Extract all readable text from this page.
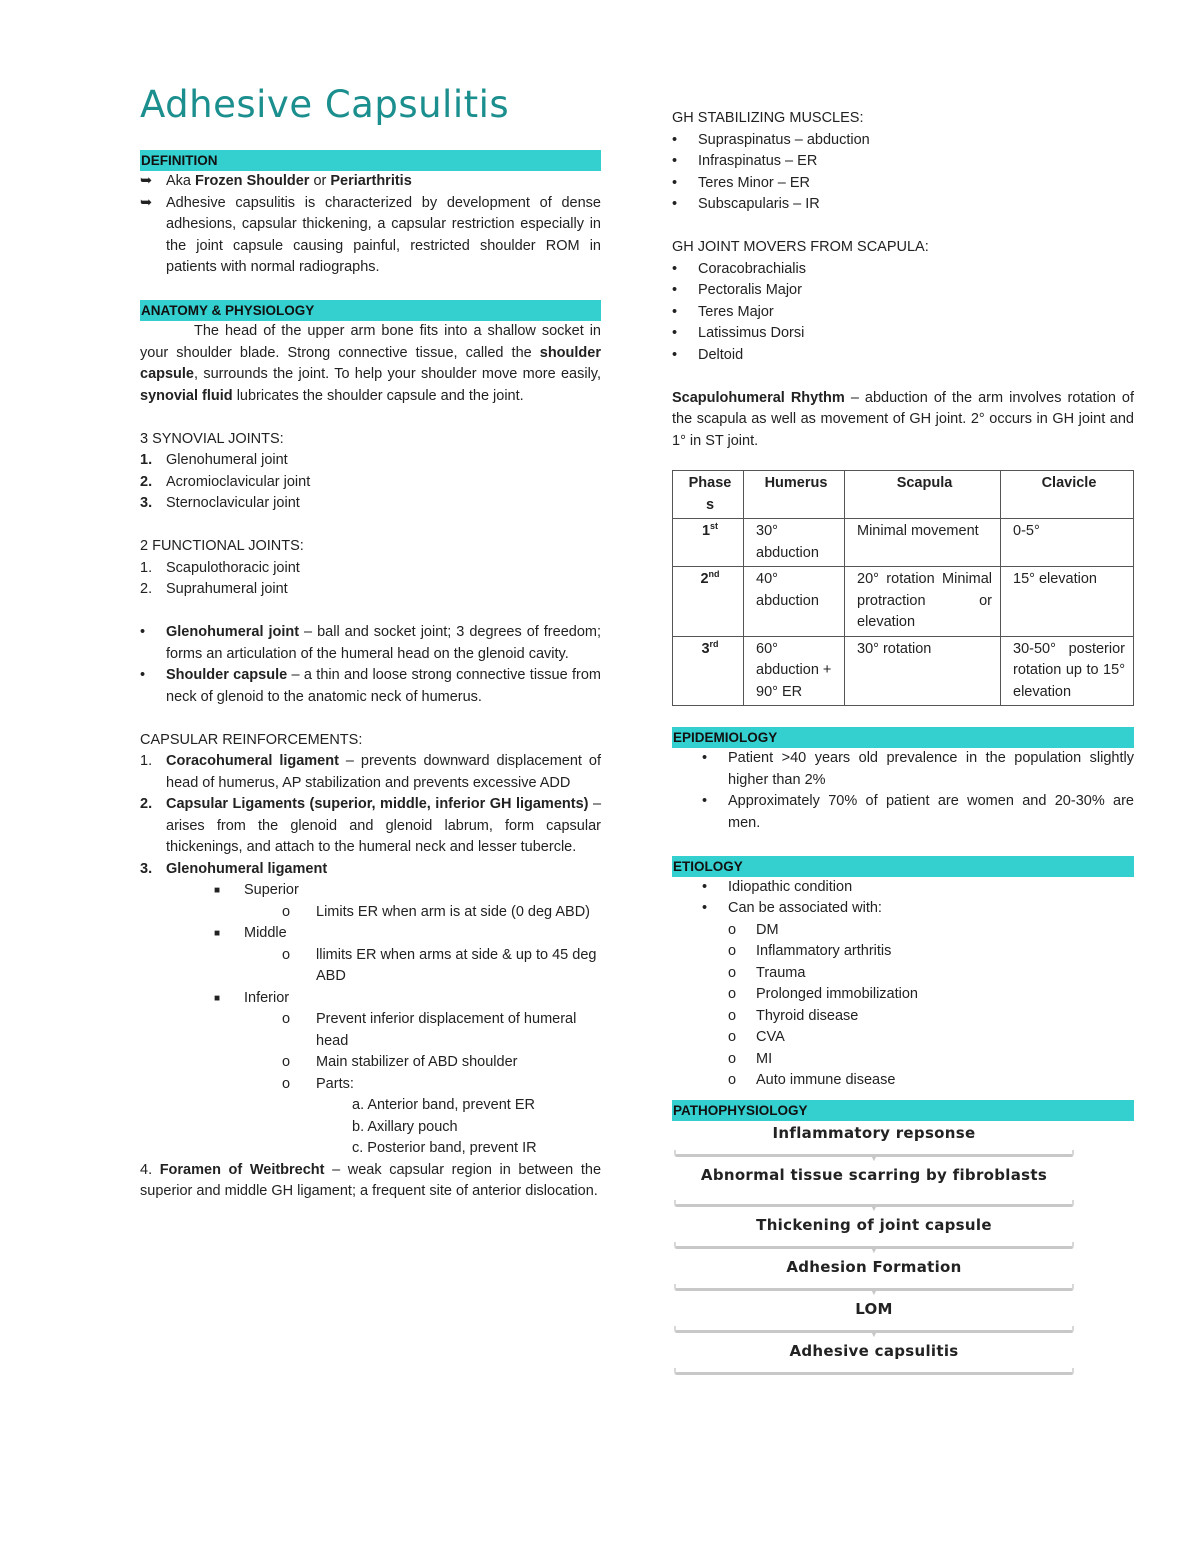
Adhesive Capsulitis
DEFINITION
➥ Aka Frozen Shoulder or Periarthritis
➥ Adhesive capsulitis is characterized by development of dense adhesions, capsular thickening, a capsular restriction especially in the joint capsule causing painful, restricted shoulder ROM in patients with normal radiographs.
ANATOMY & PHYSIOLOGY
The head of the upper arm bone fits into a shallow socket in your shoulder blade. Strong connective tissue, called the shoulder capsule, surrounds the joint. To help your shoulder move more easily, synovial fluid lubricates the shoulder capsule and the joint.
3 SYNOVIAL JOINTS:
1. Glenohumeral joint
2. Acromioclavicular joint
3. Sternoclavicular joint
2 FUNCTIONAL JOINTS:
1. Scapulothoracic joint
2. Suprahumeral joint
•	Glenohumeral joint – ball and socket joint; 3 degrees of freedom; forms an articulation of the humeral head on the glenoid cavity.
•	Shoulder capsule – a thin and loose strong connective tissue from neck of glenoid to the anatomic neck of humerus.
CAPSULAR REINFORCEMENTS:
1. Coracohumeral ligament – prevents downward displacement of head of humerus, AP stabilization and prevents excessive ADD
2. Capsular Ligaments (superior, middle, inferior GH ligaments) – arises from the glenoid and glenoid labrum, form capsular thickenings, and attach to the humeral neck and lesser tubercle.
3. Glenohumeral ligament
■ Superior
o Limits ER when arm is at side (0 deg ABD)
■ Middle
o llimits ER when arms at side & up to 45 deg ABD
■ Inferior
o Prevent inferior displacement of humeral head
o Main stabilizer of ABD shoulder
o Parts:
a. Anterior band, prevent ER
b. Axillary pouch
c. Posterior band, prevent IR
4. Foramen of Weitbrecht – weak capsular region in between the superior and middle GH ligament; a frequent site of anterior dislocation.
GH STABILIZING MUSCLES:
•	Supraspinatus – abduction
•	Infraspinatus – ER
•	Teres Minor – ER
•	Subscapularis – IR
GH JOINT MOVERS FROM SCAPULA:
•	Coracobrachialis
•	Pectoralis Major
•	Teres Major
•	Latissimus Dorsi
•	Deltoid
Scapulohumeral Rhythm – abduction of the arm involves rotation of the scapula as well as movement of GH joint. 2° occurs in GH joint and 1° in ST joint.
Phase s	Humerus	Scapula	Clavicle
1st	30° abduction	Minimal movement	0-5°
2nd	40° abduction	20° rotation Minimal protraction or elevation	15° elevation
3rd	60° abduction + 90° ER	30° rotation	30-50° posterior rotation up to 15° elevation
EPIDEMIOLOGY
•	Patient >40 years old prevalence in the population slightly higher than 2%
•	Approximately 70% of patient are women and 20-30% are men.
ETIOLOGY
•	Idiopathic condition
•	Can be associated with:
o DM
o Inflammatory arthritis
o Trauma
o Prolonged immobilization
o Thyroid disease
o CVA
o MI
o Auto immune disease
PATHOPHYSIOLOGY
Inflammatory repsonse
▼
Abnormal tissue scarring by fibroblasts
▼
Thickening of joint capsule
▼
Adhesion Formation
▼
LOM
▼
Adhesive capsulitis
